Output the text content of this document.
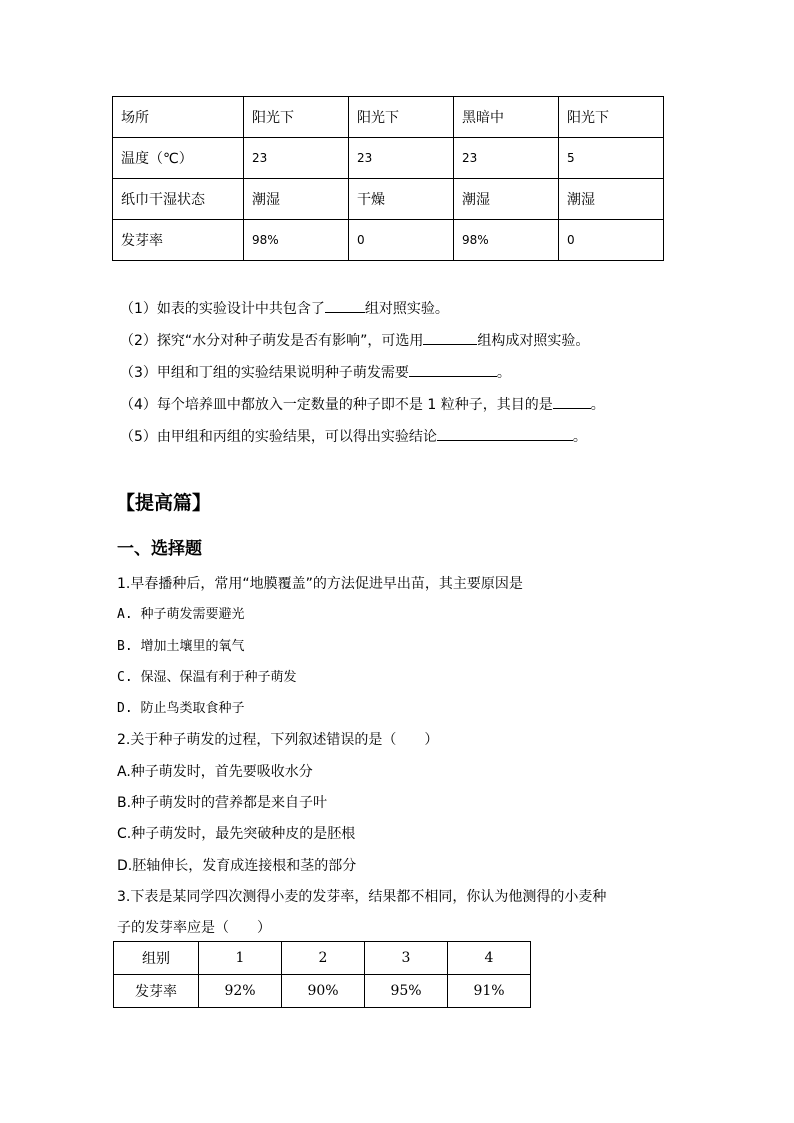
场所	阳光下	阳光下	黑暗中	阳光下
温度（℃）	23	23	23	5
纸巾干湿状态	潮湿	干燥	潮湿	潮湿
发芽率	98%	0	98%	0
（1）如表的实验设计中共包含了	组对照实验。
（2）探究“水分对种子萌发是否有影响”，可选用	组构成对照实验。
（3）甲组和丁组的实验结果说明种子萌发需要	。
（4）每个培养皿中都放入一定数量的种子即不是 1 粒种子，其目的是	。
（5）由甲组和丙组的实验结果，可以得出实验结论	。
【提高篇】
一、选择题
1.早春播种后，常用“地膜覆盖”的方法促进早出苗，其主要原因是
A. 种子萌发需要避光
B. 增加土壤里的氧气
C. 保湿、保温有利于种子萌发
D. 防止鸟类取食种子
2.关于种子萌发的过程，下列叙述错误的是（ ）
A.种子萌发时，首先要吸收水分
B.种子萌发时的营养都是来自子叶
C.种子萌发时，最先突破种皮的是胚根
D.胚轴伸长，发育成连接根和茎的部分
3.下表是某同学四次测得小麦的发芽率，结果都不相同，你认为他测得的小麦种
子的发芽率应是（ ）
组别	1	2	3	4
发芽率	92%	90%	95%	91%
